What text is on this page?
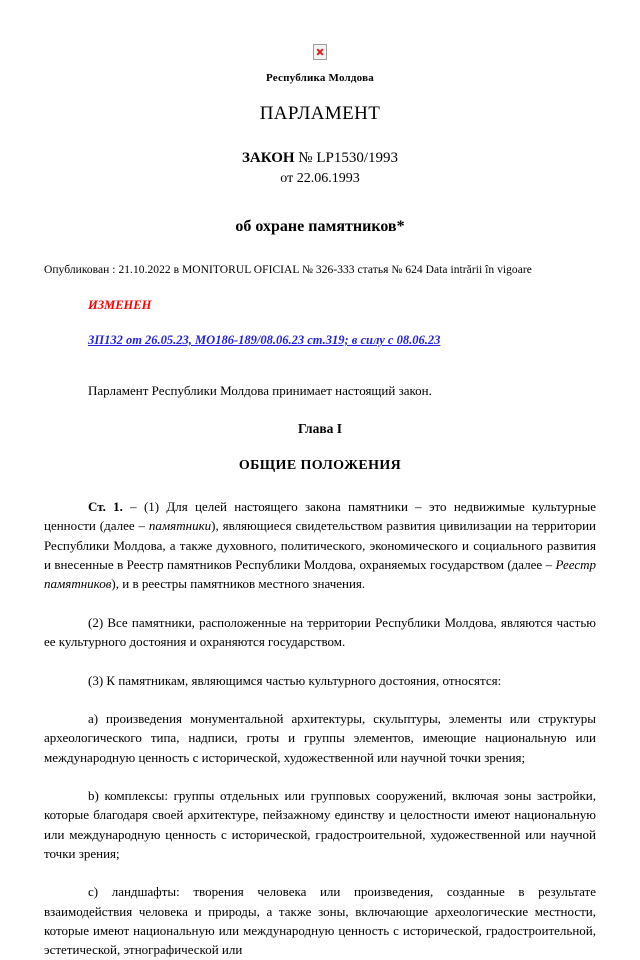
Республика Молдова
ПАРЛАМЕНТ
ЗАКОН № LP1530/1993
от 22.06.1993
об охране памятников*
Опубликован : 21.10.2022 в MONITORUL OFICIAL № 326-333 статья № 624 Data intrării în vigoare
ИЗМЕНЕН
ЗП132 от 26.05.23, МО186-189/08.06.23 ст.319; в силу с 08.06.23
Парламент Республики Молдова принимает настоящий закон.
Глава I
ОБЩИЕ ПОЛОЖЕНИЯ

Ст. 1. – (1) Для целей настоящего закона памятники – это недвижимые культурные ценности (далее – памятники), являющиеся свидетельством развития цивилизации на территории Республики Молдова, а также духовного, политического, экономического и социального развития и внесенные в Реестр памятников Республики Молдова, охраняемых государством (далее – Реестр памятников), и в реестры памятников местного значения.

(2) Все памятники, расположенные на территории Республики Молдова, являются частью ее культурного достояния и охраняются государством.

(3) К памятникам, являющимся частью культурного достояния, относятся:

a) произведения монументальной архитектуры, скульптуры, элементы или структуры археологического типа, надписи, гроты и группы элементов, имеющие национальную или международную ценность с исторической, художественной или научной точки зрения;

b) комплексы: группы отдельных или групповых сооружений, включая зоны застройки, которые благодаря своей архитектуре, пейзажному единству и целостности имеют национальную или международную ценность с исторической, градостроительной, художественной или научной точки зрения;

c) ландшафты: творения человека или произведения, созданные в результате взаимодействия человека и природы, а также зоны, включающие археологические местности, которые имеют национальную или международную ценность с исторической, градостроительной, эстетической, этнографической или
